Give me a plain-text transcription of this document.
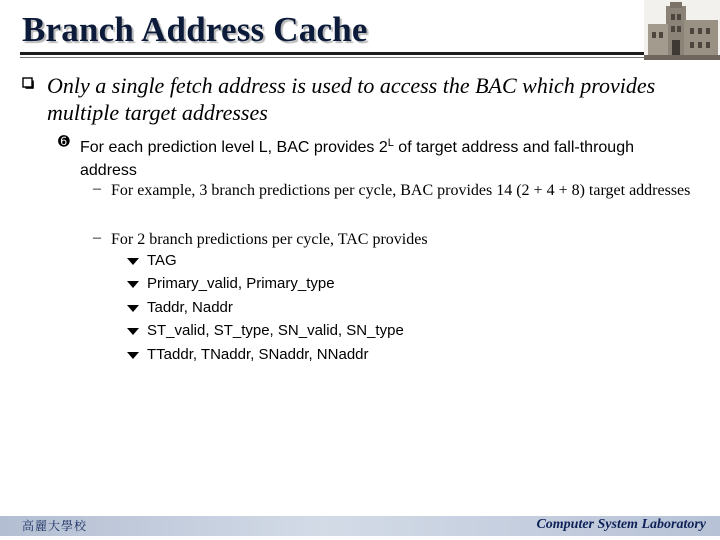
Branch Address Cache
Only a single fetch address is used to access the BAC which provides multiple target addresses
➏ For each prediction level L, BAC provides $2^L$ of target address and fall-through address
– For example, 3 branch predictions per cycle, BAC provides 14 (2 + 4 + 8) target addresses
– For 2 branch predictions per cycle, TAC provides
TAG
Primary_valid, Primary_type
Taddr, Naddr
ST_valid, ST_type, SN_valid, SN_type
TTaddr, TNaddr, SNaddr, NNaddr
高麗大學校	Computer System Laboratory
